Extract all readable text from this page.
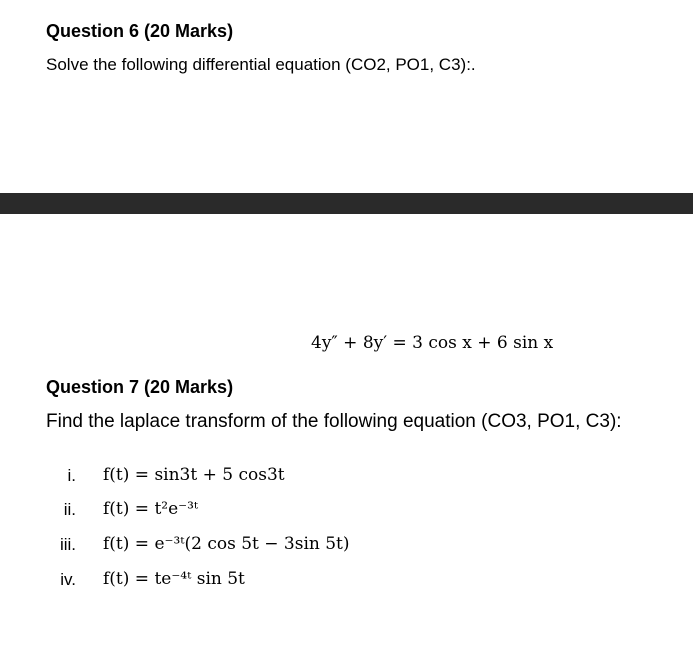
Question 6 (20 Marks)
Solve the following differential equation (CO2, PO1, C3):.
4y″ + 8y′ = 3 cos x + 6 sin x
Question 7 (20 Marks)
Find the laplace transform of the following equation (CO3, PO1, C3):
i. f(t) = sin3t + 5 cos3t
ii. f(t) = t²e⁻³ᵗ
iii. f(t) = e⁻³ᵗ(2 cos 5t − 3sin 5t)
iv. f(t) = te⁻⁴ᵗ sin 5t
